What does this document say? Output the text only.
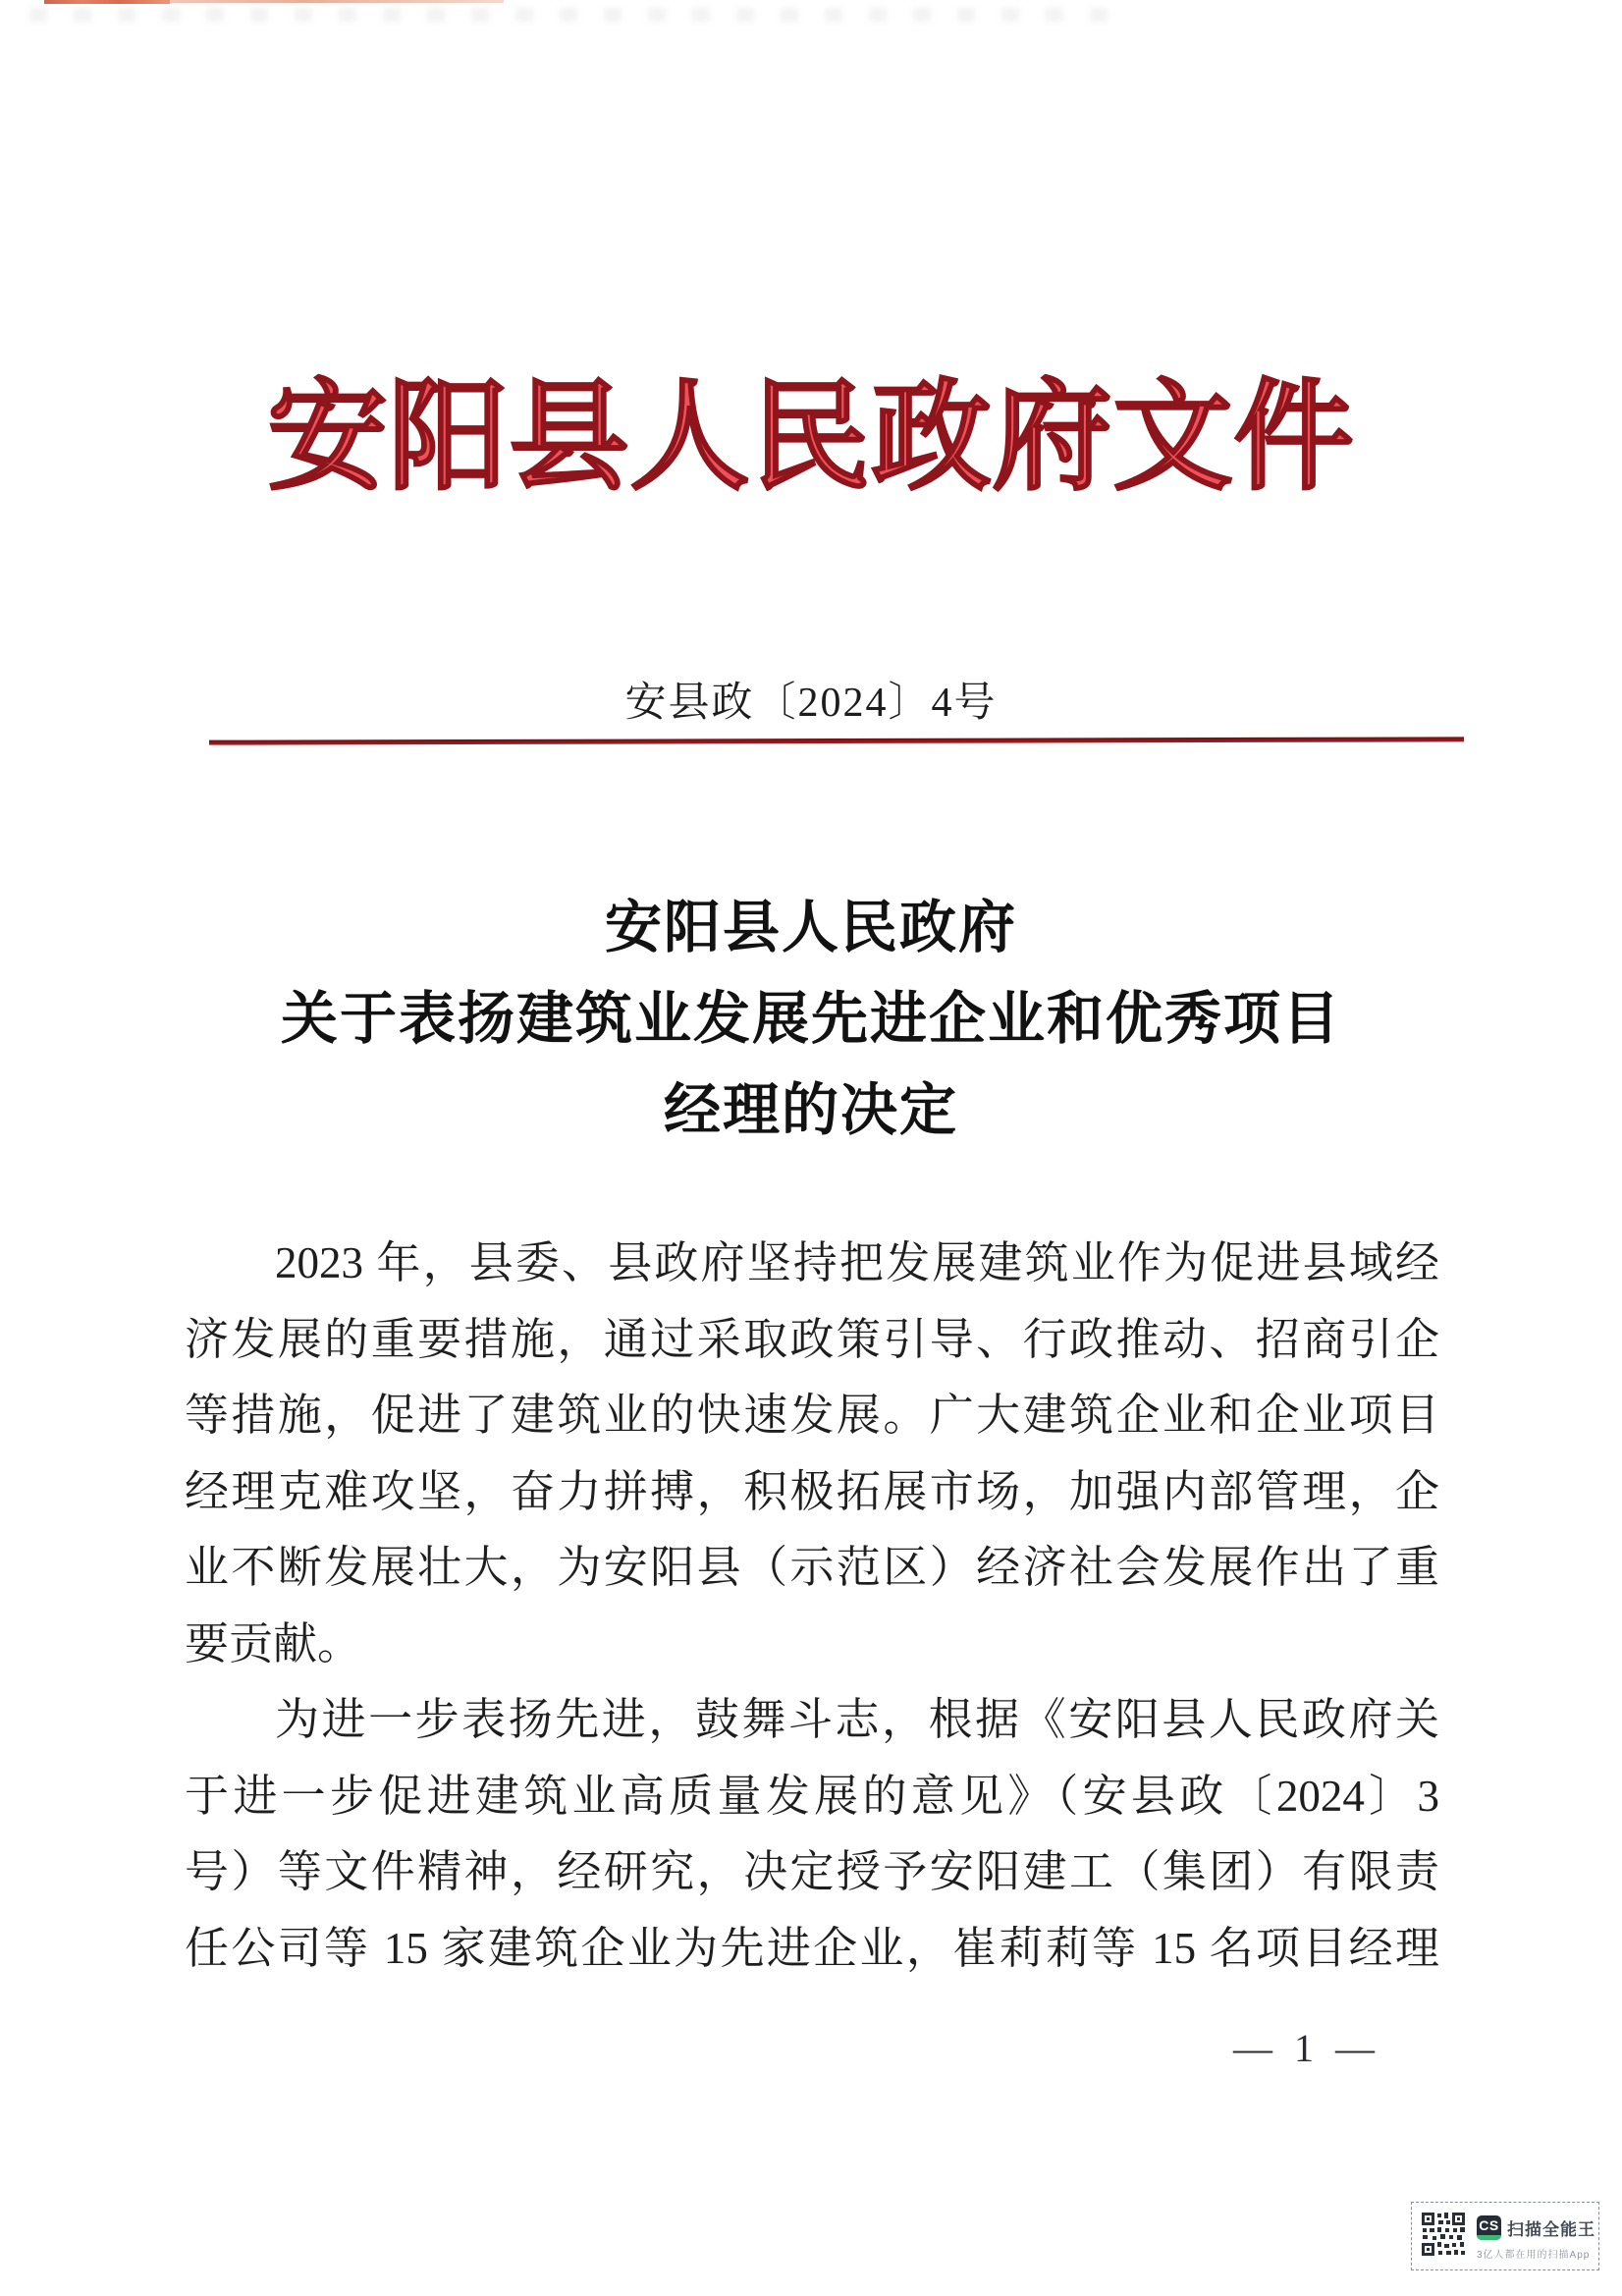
安阳县人民政府文件
安县政〔2024〕4号
安阳县人民政府
关于表扬建筑业发展先进企业和优秀项目
经理的决定
2023 年，县委、县政府坚持把发展建筑业作为促进县域经
济发展的重要措施，通过采取政策引导、行政推动、招商引企
等措施，促进了建筑业的快速发展。广大建筑企业和企业项目
经理克难攻坚，奋力拼搏，积极拓展市场，加强内部管理，企
业不断发展壮大，为安阳县（示范区）经济社会发展作出了重
要贡献。
为进一步表扬先进，鼓舞斗志，根据《安阳县人民政府关
于进一步促进建筑业高质量发展的意见》（安县政〔2024〕3
号）等文件精神，经研究，决定授予安阳建工（集团）有限责
任公司等 15 家建筑企业为先进企业，崔莉莉等 15 名项目经理
— 1 —
CS 扫描全能王
3亿人都在用的扫描App
